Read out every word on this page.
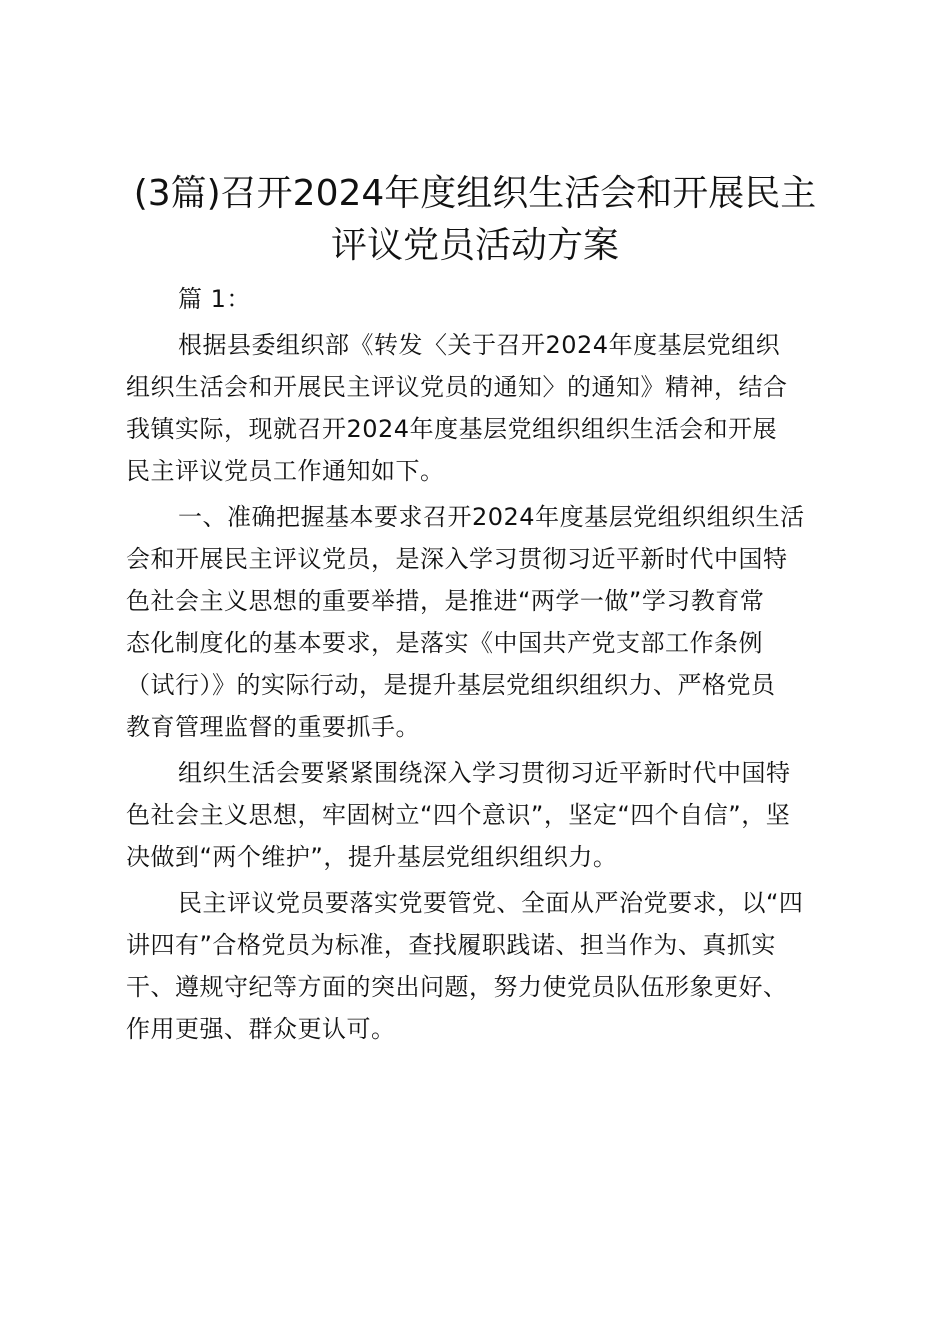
(3篇)召开2024年度组织生活会和开展民主
评议党员活动方案
篇 1：
根据县委组织部《转发〈关于召开2024年度基层党组织
组织生活会和开展民主评议党员的通知〉的通知》精神，结合
我镇实际，现就召开2024年度基层党组织组织生活会和开展
民主评议党员工作通知如下。
一、准确把握基本要求召开2024年度基层党组织组织生活
会和开展民主评议党员，是深入学习贯彻习近平新时代中国特
色社会主义思想的重要举措，是推进“两学一做”学习教育常
态化制度化的基本要求，是落实《中国共产党支部工作条例
（试行）》的实际行动，是提升基层党组织组织力、严格党员
教育管理监督的重要抓手。
组织生活会要紧紧围绕深入学习贯彻习近平新时代中国特
色社会主义思想，牢固树立“四个意识”，坚定“四个自信”，坚
决做到“两个维护”，提升基层党组织组织力。
民主评议党员要落实党要管党、全面从严治党要求，以“四
讲四有”合格党员为标准，查找履职践诺、担当作为、真抓实
干、遵规守纪等方面的突出问题，努力使党员队伍形象更好、
作用更强、群众更认可。
